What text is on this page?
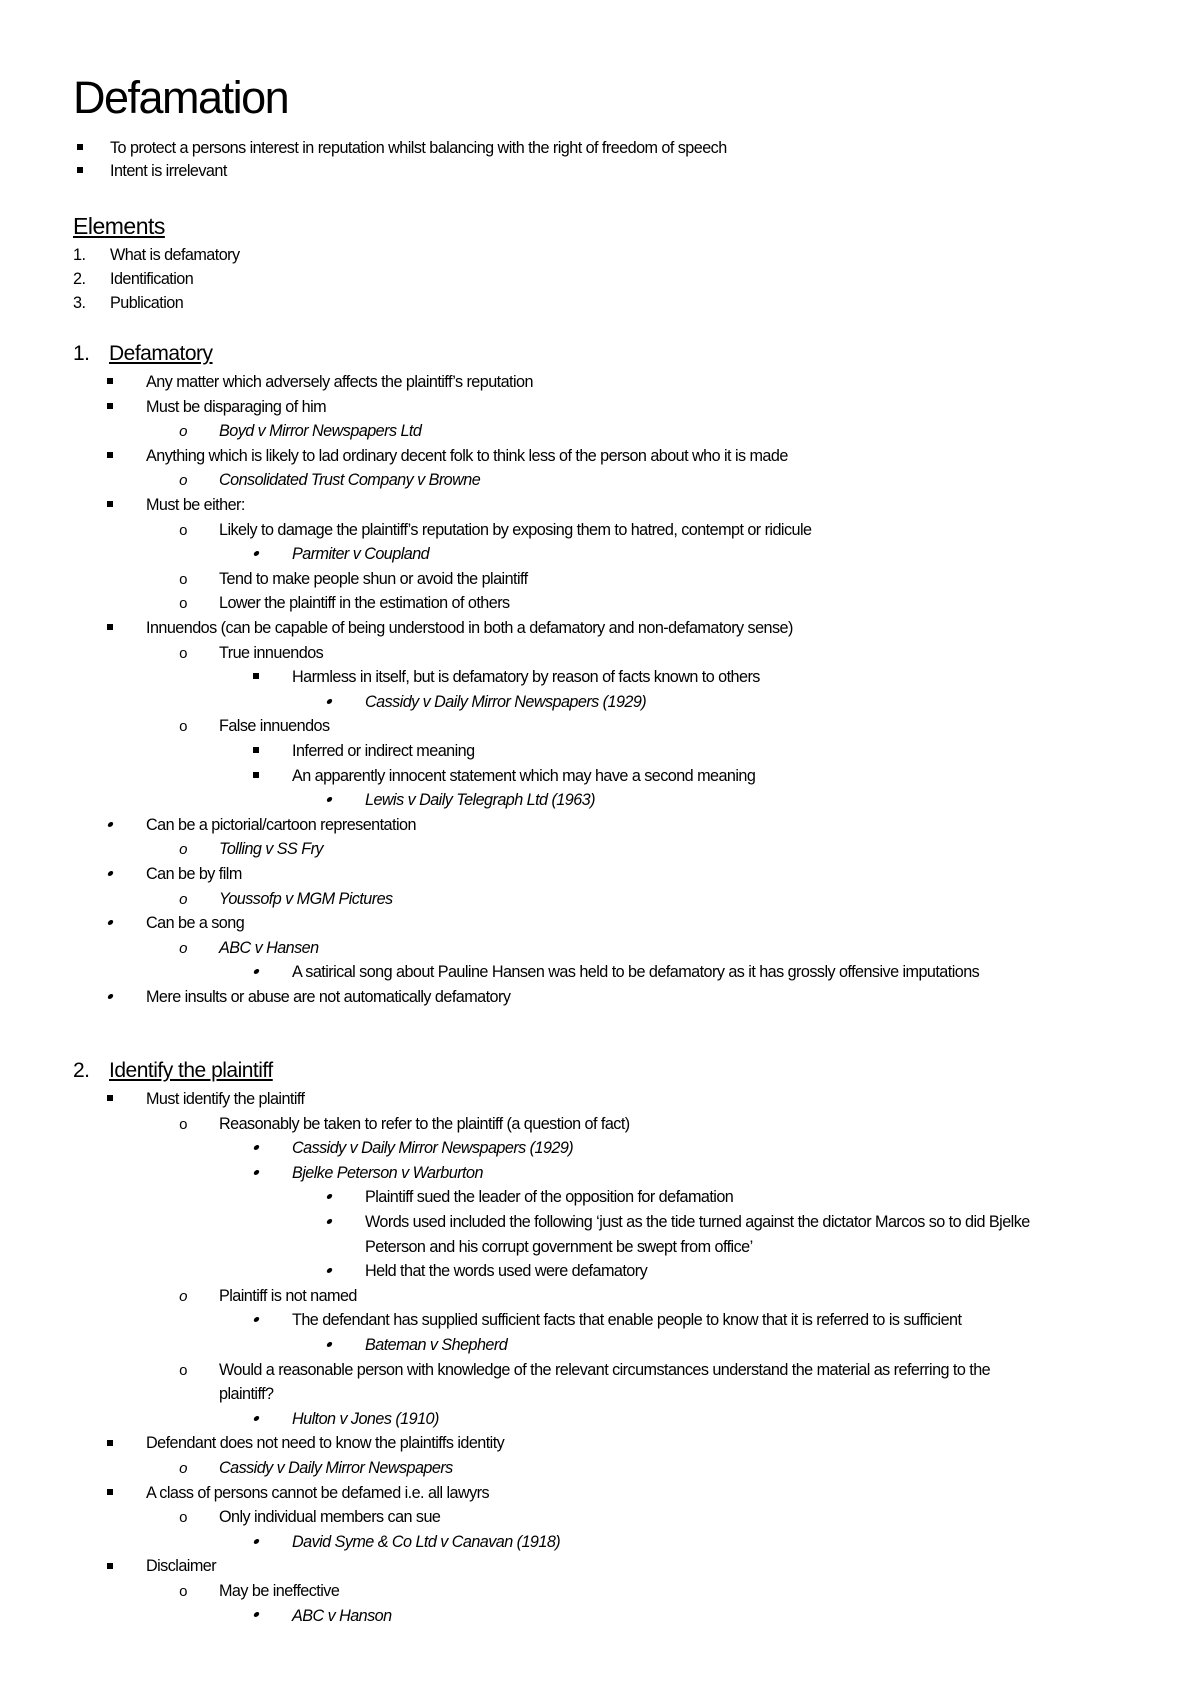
Defamation
To protect a persons interest in reputation whilst balancing with the right of freedom of speech
Intent is irrelevant
Elements
1. What is defamatory
2. Identification
3. Publication
1. Defamatory
Any matter which adversely affects the plaintiff’s reputation
Must be disparaging of him
o	Boyd v Mirror Newspapers Ltd
Anything which is likely to lad ordinary decent folk to think less of the person about who it is made
o	Consolidated Trust Company v Browne
Must be either:
o	Likely to damage the plaintiff’s reputation by exposing them to hatred, contempt or ridicule
Parmiter v Coupland
o	Tend to make people shun or avoid the plaintiff
o	Lower the plaintiff in the estimation of others
Innuendos (can be capable of being understood in both a defamatory and non-defamatory sense)
o	True innuendos
Harmless in itself, but is defamatory by reason of facts known to others
Cassidy v Daily Mirror Newspapers (1929)
o	False innuendos
Inferred or indirect meaning
An apparently innocent statement which may have a second meaning
Lewis v Daily Telegraph Ltd (1963)
Can be a pictorial/cartoon representation
o	Tolling v SS Fry
Can be by film
o	Youssofp v MGM Pictures
Can be a song
o	ABC v Hansen
A satirical song about Pauline Hansen was held to be defamatory as it has grossly offensive imputations
Mere insults or abuse are not automatically defamatory
2. Identify the plaintiff
Must identify the plaintiff
o	Reasonably be taken to refer to the plaintiff (a question of fact)
Cassidy v Daily Mirror Newspapers (1929)
Bjelke Peterson v Warburton
Plaintiff sued the leader of the opposition for defamation
Words used included the following ‘just as the tide turned against the dictator Marcos so to did Bjelke
Peterson and his corrupt government be swept from office’
Held that the words used were defamatory
o	Plaintiff is not named
The defendant has supplied sufficient facts that enable people to know that it is referred to is sufficient
Bateman v Shepherd
o	Would a reasonable person with knowledge of the relevant circumstances understand the material as referring to the
plaintiff?
Hulton v Jones (1910)
Defendant does not need to know the plaintiffs identity
o	Cassidy v Daily Mirror Newspapers
A class of persons cannot be defamed i.e. all lawyrs
o	Only individual members can sue
David Syme & Co Ltd v Canavan (1918)
Disclaimer
o	May be ineffective
ABC v Hanson
